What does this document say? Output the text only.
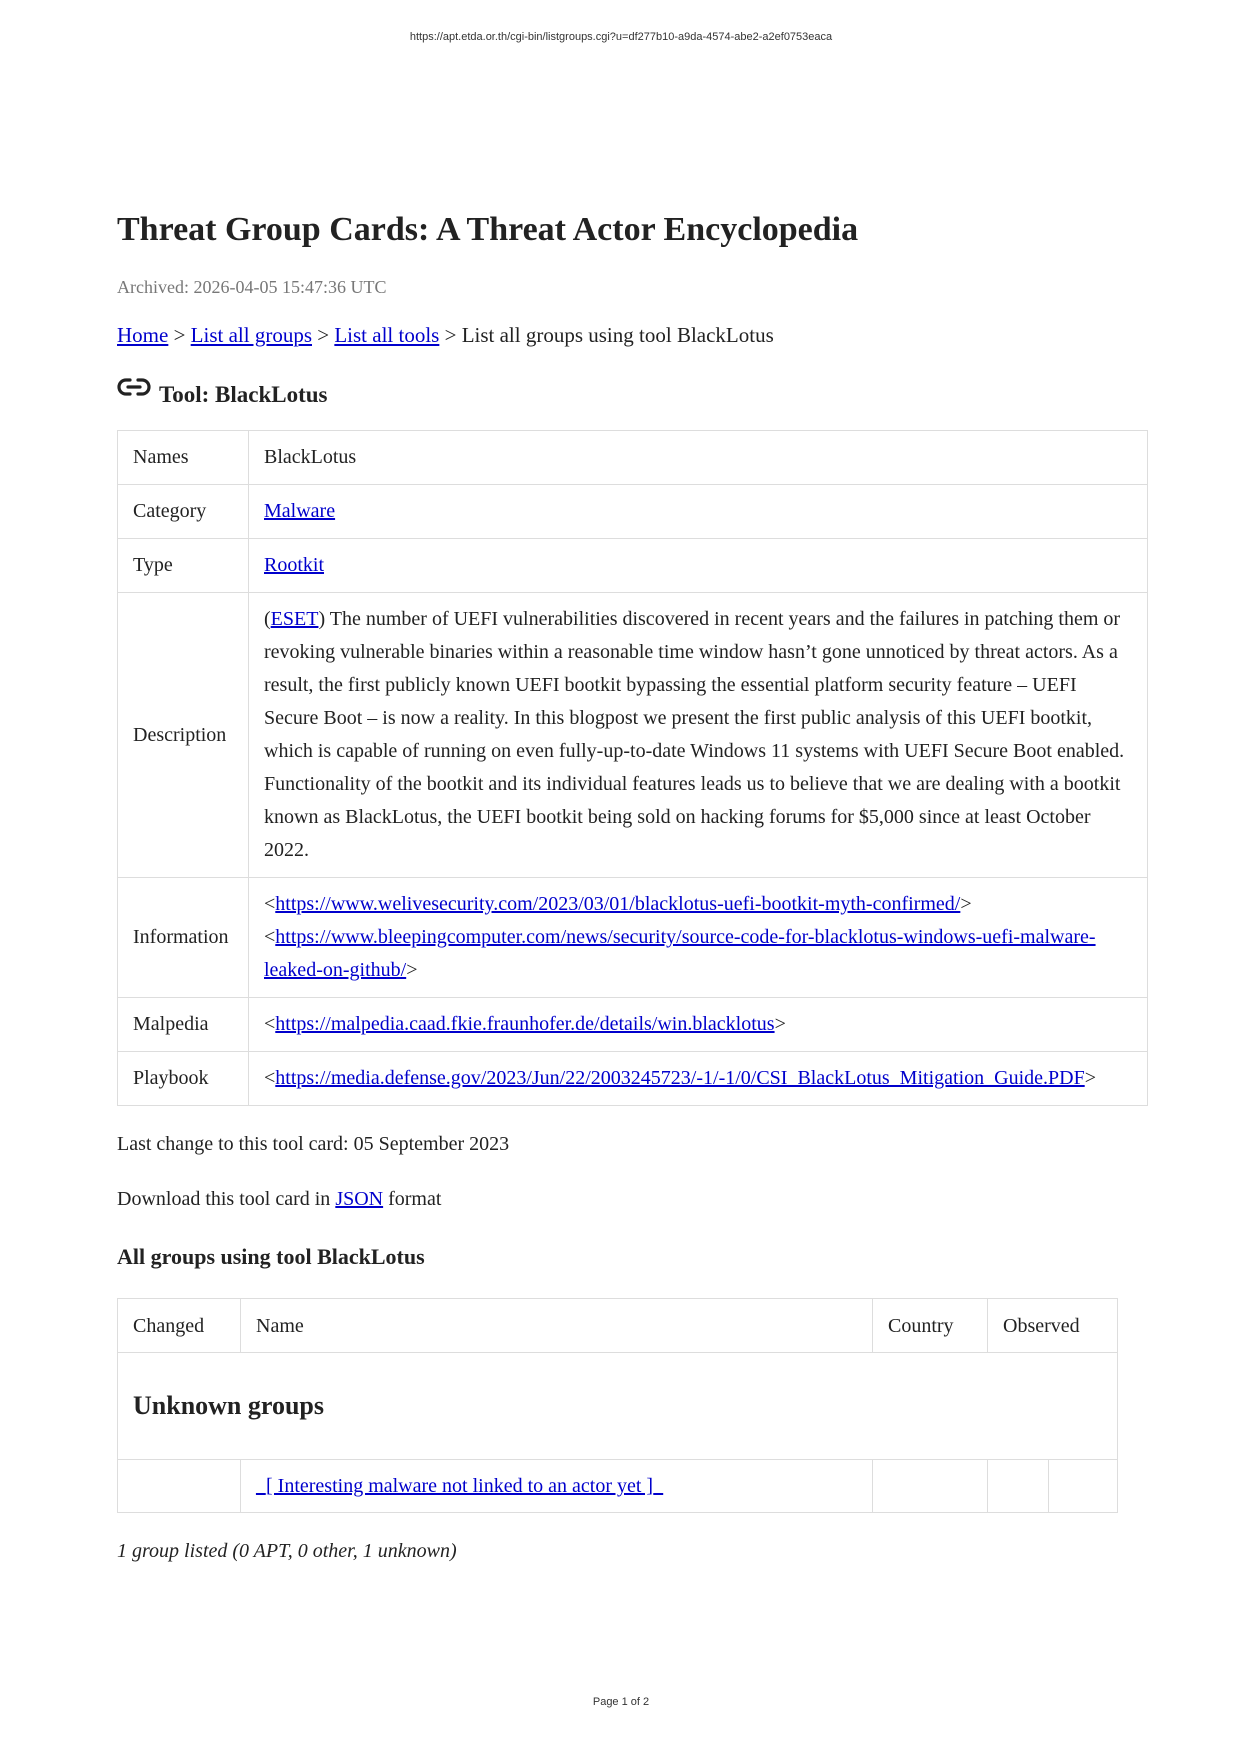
https://apt.etda.or.th/cgi-bin/listgroups.cgi?u=df277b10-a9da-4574-abe2-a2ef0753eaca
Threat Group Cards: A Threat Actor Encyclopedia
Archived: 2026-04-05 15:47:36 UTC
Home > List all groups > List all tools > List all groups using tool BlackLotus
Tool: BlackLotus
Names	BlackLotus
Category	Malware
Type	Rootkit
Description	(ESET) The number of UEFI vulnerabilities discovered in recent years and the failures in patching them or revoking vulnerable binaries within a reasonable time window hasn’t gone unnoticed by threat actors. As a result, the first publicly known UEFI bootkit bypassing the essential platform security feature – UEFI Secure Boot – is now a reality. In this blogpost we present the first public analysis of this UEFI bootkit, which is capable of running on even fully-up-to-date Windows 11 systems with UEFI Secure Boot enabled. Functionality of the bootkit and its individual features leads us to believe that we are dealing with a bootkit known as BlackLotus, the UEFI bootkit being sold on hacking forums for $5,000 since at least October 2022.
Information	<https://www.welivesecurity.com/2023/03/01/blacklotus-uefi-bootkit-myth-confirmed/>
<https://www.bleepingcomputer.com/news/security/source-code-for-blacklotus-windows-uefi-malware-leaked-on-github/>
Malpedia	<https://malpedia.caad.fkie.fraunhofer.de/details/win.blacklotus>
Playbook	<https://media.defense.gov/2023/Jun/22/2003245723/-1/-1/0/CSI_BlackLotus_Mitigation_Guide.PDF>
Last change to this tool card: 05 September 2023
Download this tool card in JSON format
All groups using tool BlackLotus
Changed	Name	Country	Observed	
Unknown groups				
	_[ Interesting malware not linked to an actor yet ]_			
1 group listed (0 APT, 0 other, 1 unknown)
Page 1 of 2
